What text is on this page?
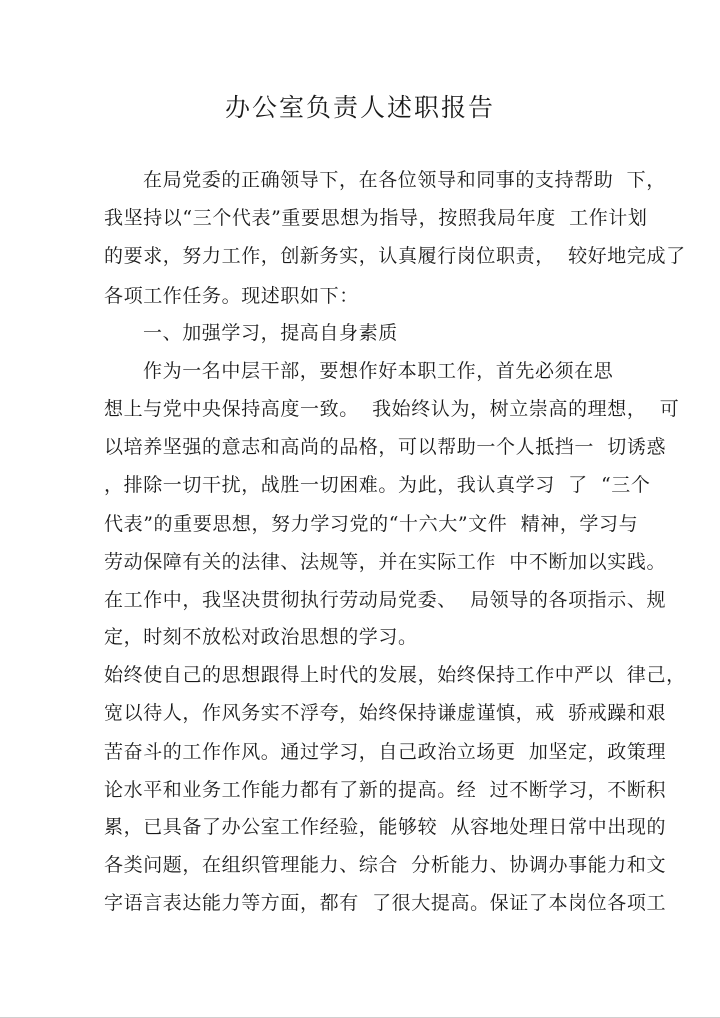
办公室负责人述职报告
在局党委的正确领导下，在各位领导和同事的支持帮助  下，
我坚持以“三个代表”重要思想为指导，按照我局年度  工作计划
的要求，努力工作，创新务实，认真履行岗位职责，  较好地完成了
各项工作任务。现述职如下：
一、加强学习，提高自身素质
作为一名中层干部，要想作好本职工作，首先必须在思
想上与党中央保持高度一致。  我始终认为，树立崇高的理想，  可
以培养坚强的意志和高尚的品格，可以帮助一个人抵挡一  切诱惑
，排除一切干扰，战胜一切困难。为此，我认真学习  了  “三个
代表”的重要思想，努力学习党的“十六大”文件  精神，学习与
劳动保障有关的法律、法规等，并在实际工作  中不断加以实践。
在工作中，我坚决贯彻执行劳动局党委、  局领导的各项指示、规
定，时刻不放松对政治思想的学习。
始终使自己的思想跟得上时代的发展，始终保持工作中严以  律己，
宽以待人，作风务实不浮夸，始终保持谦虚谨慎，戒  骄戒躁和艰
苦奋斗的工作作风。通过学习，自己政治立场更  加坚定，政策理
论水平和业务工作能力都有了新的提高。经  过不断学习，不断积
累，已具备了办公室工作经验，能够较  从容地处理日常中出现的
各类问题，在组织管理能力、综合  分析能力、协调办事能力和文
字语言表达能力等方面，都有  了很大提高。保证了本岗位各项工
